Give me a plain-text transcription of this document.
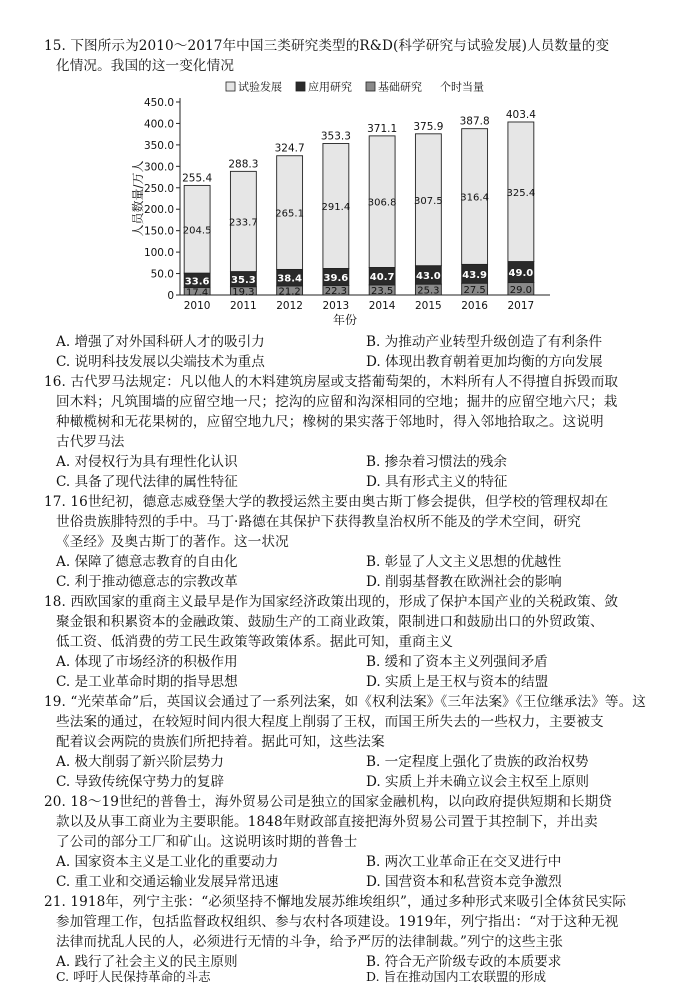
15. 下图所示为2010～2017年中国三类研究类型的R&D(科学研究与试验发展)人员数量的变
化情况。我国的这一变化情况
试验发展 应用研究 基础研究 个时当量
0
50.0
100.0
150.0
200.0
250.0
300.0
350.0
400.0
450.0
人员数量/万人
年份
2010 2011 2012 2013 2014 2015 2016 2017
17.4
33.6
204.5
255.4
19.3
35.3
233.7
288.3
21.2
38.4
265.1
324.7
22.3
39.6
291.4
353.3
23.5
40.7
306.8
371.1
25.3
43.0
307.5
375.9
27.5
43.9
316.4
387.8
29.0
49.0
325.4
403.4
A. 增强了对外国科研人才的吸引力	B. 为推动产业转型升级创造了有利条件
C. 说明科技发展以尖端技术为重点	D. 体现出教育朝着更加均衡的方向发展
16. 古代罗马法规定：凡以他人的木料建筑房屋或支搭葡萄架的，木料所有人不得擅自拆毁而取
回木料；凡筑围墙的应留空地一尺；挖沟的应留和沟深相同的空地；掘井的应留空地六尺；栽
种橄榄树和无花果树的，应留空地九尺；橡树的果实落于邻地时，得入邻地拾取之。这说明
古代罗马法
A. 对侵权行为具有理性化认识	B. 掺杂着习惯法的残余
C. 具备了现代法律的属性特征	D. 具有形式主义的特征
17. 16世纪初，德意志威登堡大学的教授运然主要由奥古斯丁修会提供，但学校的管理权却在
世俗贵族腓特烈的手中。马丁·路德在其保护下获得教皇治权所不能及的学术空间，研究
《圣经》及奥古斯丁的著作。这一状况
A. 保障了德意志教育的自由化	B. 彰显了人文主义思想的优越性
C. 利于推动德意志的宗教改革	D. 削弱基督教在欧洲社会的影响
18. 西欧国家的重商主义最早是作为国家经济政策出现的，形成了保护本国产业的关税政策、敛
聚金银和积累资本的金融政策、鼓励生产的工商业政策，限制进口和鼓励出口的外贸政策、
低工资、低消费的劳工民生政策等政策体系。据此可知，重商主义
A. 体现了市场经济的积极作用	B. 缓和了资本主义列强间矛盾
C. 是工业革命时期的指导思想	D. 实质上是王权与资本的结盟
19. “光荣革命”后，英国议会通过了一系列法案，如《权利法案》《三年法案》《王位继承法》等。这
些法案的通过，在较短时间内很大程度上削弱了王权，而国王所失去的一些权力，主要被支
配着议会两院的贵族们所把持着。据此可知，这些法案
A. 极大削弱了新兴阶层势力	B. 一定程度上强化了贵族的政治权势
C. 导致传统保守势力的复辟	D. 实质上并未确立议会主权至上原则
20. 18～19世纪的普鲁士，海外贸易公司是独立的国家金融机构，以向政府提供短期和长期贷
款以及从事工商业为主要职能。1848年财政部直接把海外贸易公司置于其控制下，并出卖
了公司的部分工厂和矿山。这说明该时期的普鲁士
A. 国家资本主义是工业化的重要动力	B. 两次工业革命正在交叉进行中
C. 重工业和交通运输业发展异常迅速	D. 国营资本和私营资本竞争激烈
21. 1918年，列宁主张：“必须坚持不懈地发展苏维埃组织”，通过多种形式来吸引全体贫民实际
参加管理工作，包括监督政权组织、参与农村各项建设。1919年，列宁指出：“对于这种无视
法律而扰乱人民的人，必须进行无情的斗争，给予严厉的法律制裁。”列宁的这些主张
A. 践行了社会主义的民主原则	B. 符合无产阶级专政的本质要求
C. 呼吁人民保持革命的斗志	D. 旨在推动国内工农联盟的形成
